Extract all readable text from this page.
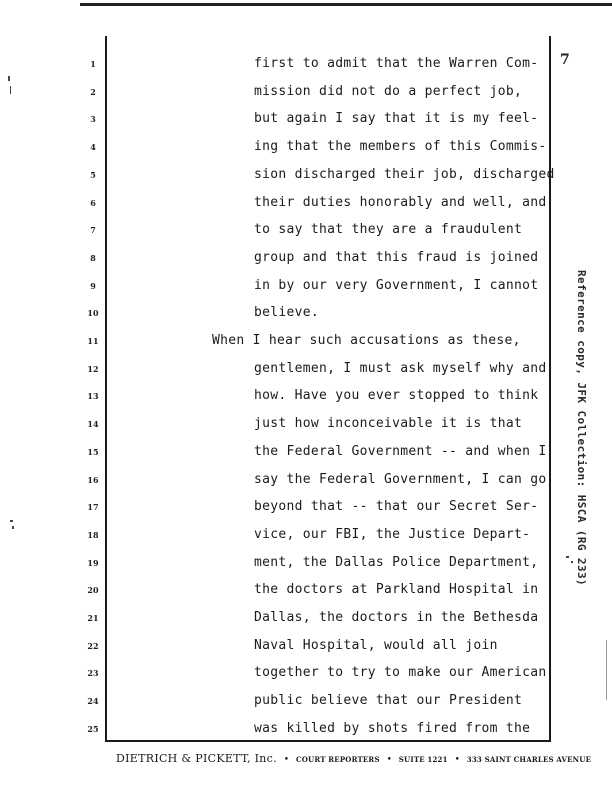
7
1	first to admit that the Warren Com-
2	mission did not do a perfect job,
3	but again I say that it is my feel-
4	ing that the members of this Commis-
5	sion discharged their job, discharged
6	their duties honorably and well, and
7	to say that they are a fraudulent
8	group and that this fraud is joined
9	in by our very Government, I cannot
10	believe.
11	When I hear such accusations as these,
12	gentlemen, I must ask myself why and
13	how. Have you ever stopped to think
14	just how inconceivable it is that
15	the Federal Government -- and when I
16	say the Federal Government, I can go
17	beyond that -- that our Secret Ser-
18	vice, our FBI, the Justice Depart-
19	ment, the Dallas Police Department,
20	the doctors at Parkland Hospital in
21	Dallas, the doctors in the Bethesda
22	Naval Hospital, would all join
23	together to try to make our American
24	public believe that our President
25	was killed by shots fired from the
Reference copy, JFK Collection: HSCA (RG 233)
DIETRICH & PICKETT, Inc. • COURT REPORTERS • SUITE 1221 • 333 SAINT CHARLES AVENUE
